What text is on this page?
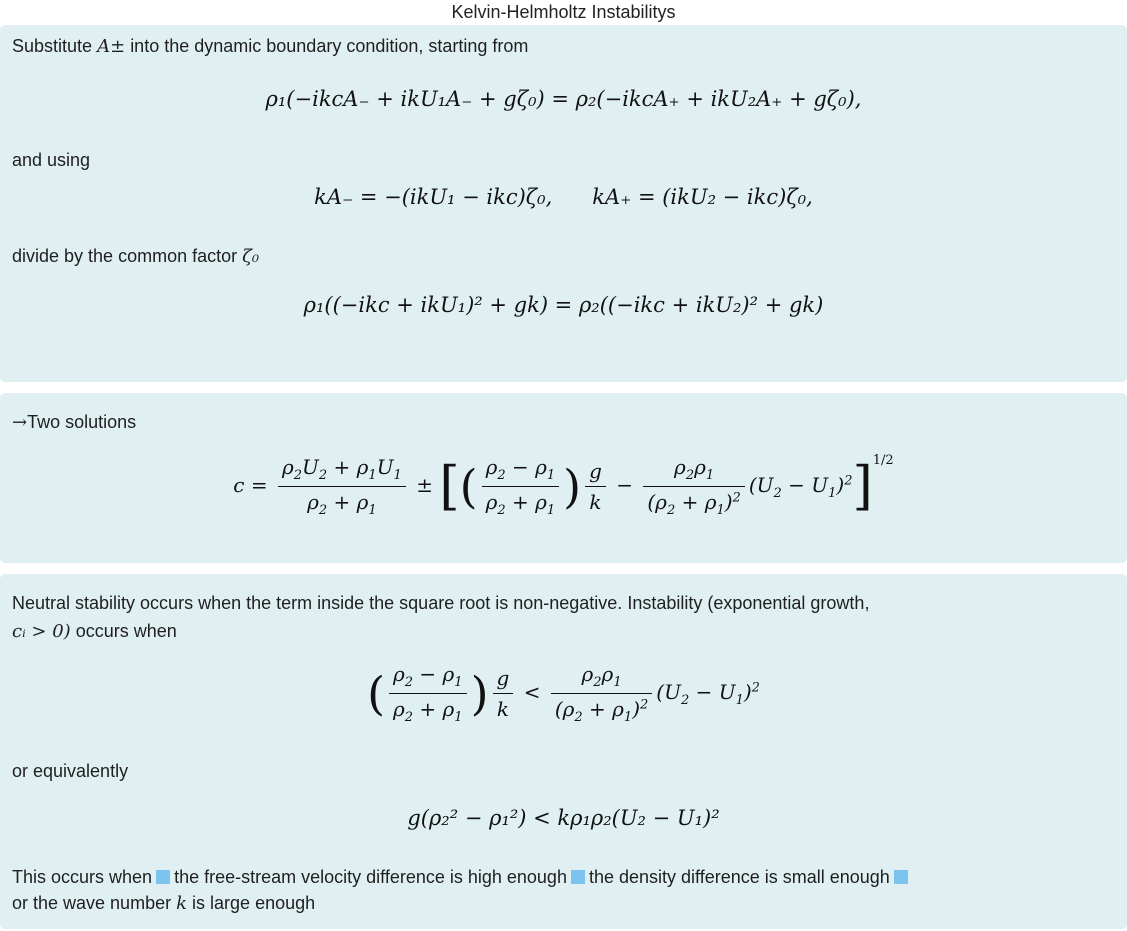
Kelvin-Helmholtz Instabilitys
Substitute A± into the dynamic boundary condition, starting from
ρ₁(−ikcA₋ + ikU₁A₋ + gζ₀) = ρ₂(−ikcA₊ + ikU₂A₊ + gζ₀),
and using
kA₋ = −(ikU₁ − ikc)ζ₀,      kA₊ = (ikU₂ − ikc)ζ₀,
divide by the common factor ζ₀
ρ₁((−ikc + ikU₁)² + gk) = ρ₂((−ikc + ikU₂)² + gk)
→Two solutions
$c = \frac{\rho_2U_2 + \rho_1U_1}{\rho_2 + \rho_1}$ ± [( $\frac{\rho_2 - \rho_1}{\rho_2 + \rho_1}$ ) $\frac{g}{k} - \frac{\rho_2\rho_1}{(\rho_2 + \rho_1)^2} (U_2 - U_1)^2]^{1/2}$
Neutral stability occurs when the term inside the square root is non-negative. Instability (exponential growth,
cᵢ > 0) occurs when
( $\frac{\rho_2 - \rho_1}{\rho_2 + \rho_1}$ ) $\frac{g}{k} < \frac{\rho_2\rho_1}{(\rho_2 + \rho_1)^2} (U_2 - U_1)^2$
or equivalently
g(ρ₂² − ρ₁²) < kρ₁ρ₂(U₂ − U₁)²
This occurs when the free-stream velocity difference is high enough the density difference is small enough
or the wave number k is large enough
